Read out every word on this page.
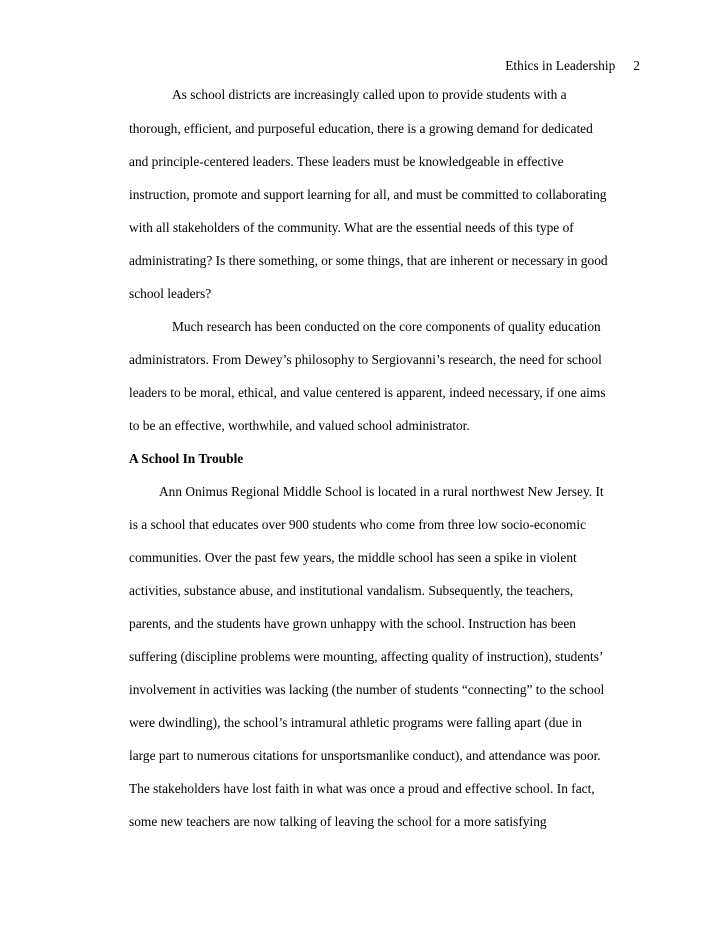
Ethics in Leadership 2
As school districts are increasingly called upon to provide students with a
thorough, efficient, and purposeful education, there is a growing demand for dedicated
and principle-centered leaders. These leaders must be knowledgeable in effective
instruction, promote and support learning for all, and must be committed to collaborating
with all stakeholders of the community. What are the essential needs of this type of
administrating? Is there something, or some things, that are inherent or necessary in good
school leaders?
Much research has been conducted on the core components of quality education
administrators. From Dewey’s philosophy to Sergiovanni’s research, the need for school
leaders to be moral, ethical, and value centered is apparent, indeed necessary, if one aims
to be an effective, worthwhile, and valued school administrator.
A School In Trouble
Ann Onimus Regional Middle School is located in a rural northwest New Jersey. It
is a school that educates over 900 students who come from three low socio-economic
communities. Over the past few years, the middle school has seen a spike in violent
activities, substance abuse, and institutional vandalism. Subsequently, the teachers,
parents, and the students have grown unhappy with the school. Instruction has been
suffering (discipline problems were mounting, affecting quality of instruction), students’
involvement in activities was lacking (the number of students “connecting” to the school
were dwindling), the school’s intramural athletic programs were falling apart (due in
large part to numerous citations for unsportsmanlike conduct), and attendance was poor.
The stakeholders have lost faith in what was once a proud and effective school. In fact,
some new teachers are now talking of leaving the school for a more satisfying
